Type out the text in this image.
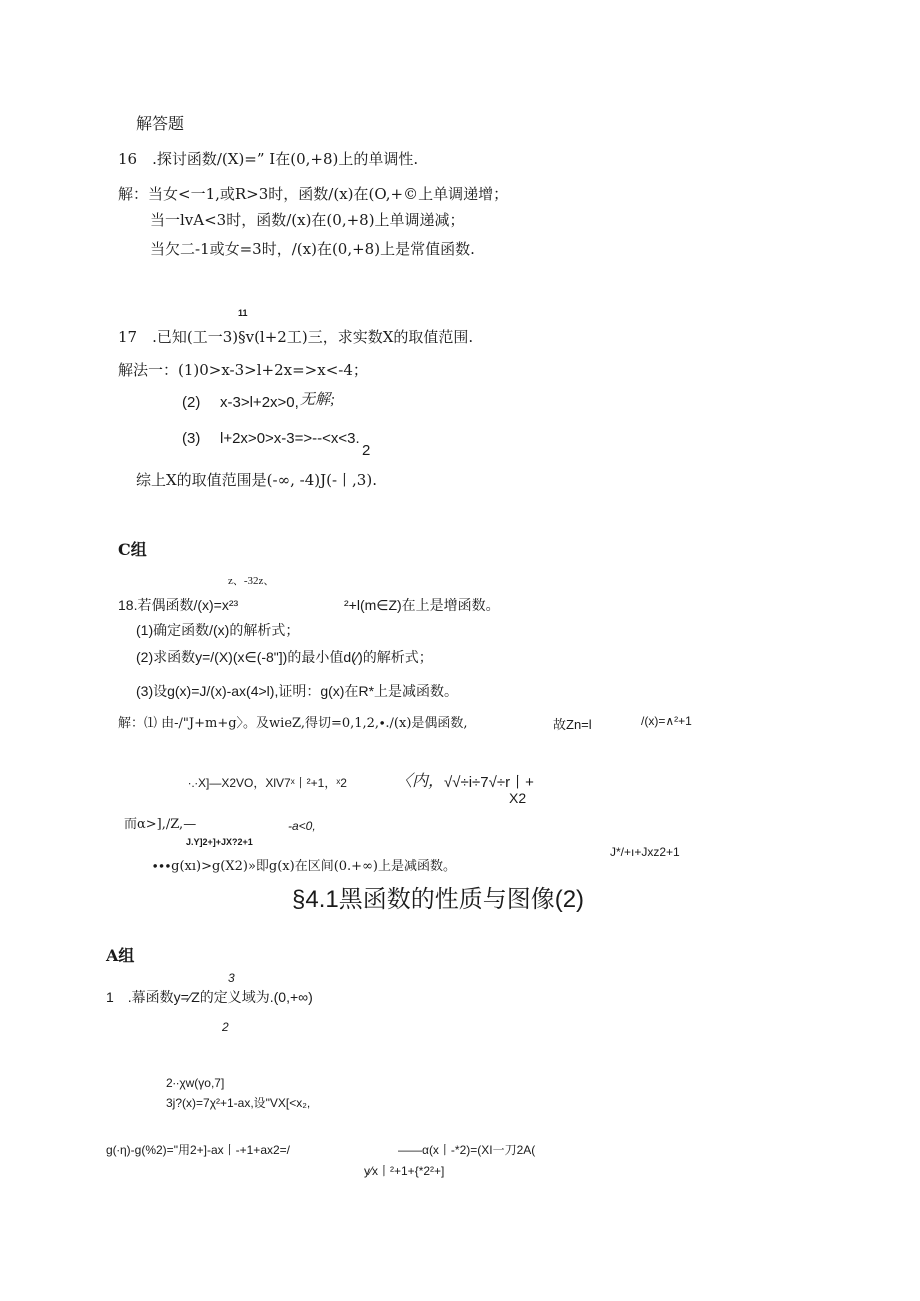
解答题
16　.探讨函数/(X)=” I在(0,+8)上的单调性.
解：当女<一1,或R>3时，函数/(x)在(O,+©上单调递增；
当一lvA<3时，函数/(x)在(0,+8)上单调递减；
当欠二-1或女=3时，/(x)在(0,+8)上是常值函数.
11
17　.已知(工一3)§v(l+2工)三，求实数X的取值范围.
解法一：(1)0>x-3>l+2x=>x<-4；
(2) x-3>l+2x>0, 无解;
(3) l+2x>0>x-3=>--<x<3.
2
综上X的取值范围是(-∞, -4)J(-丨,3).
C组
z、-32z、
18.若偶函数/(x)=x²³	²+l(m∈Z)在上是增函数。
(1)确定函数/(x)的解析式；
(2)求函数y=/(X)(x∈(-8"])的最小值d(⁄)的解析式；
(3)设g(x)=J/(x)-ax(4>l),证明：g(x)在R*上是减函数。
解：⑴ 由-/"J+m+g〉。及wieZ,得切=0,1,2,∙.∕(x)是偶函数,	故Zn=l	/(x)=∧²+1
∙.∙X]—X2VO，XlV7ˣ丨²+1，ˣ2	〈内， √√÷i÷7√÷r丨+
X2
而α>],/Z,—	-a<0,
J.Y]2+]+JX?2+1
J*/+ı+Jxz2+1
∙∙∙g(xı)>g(X2)»即g(x)在区间(0.+∞)上是减函数。
§4.1黑函数的性质与图像(2)
A组
3
1　.幕函数y=⁄Z的定义域为.(0,+∞)
2
2∙∙χw(γo,7]
3j?(x)=7χ²+1-ax,设"VX[<x₂,
g(∙η)-g(%2)="用2+]-ax丨-+1+ax2=/	——α(x丨-*2)=(XI一刀2A(
y⁄x丨²+1+{*2²+]
